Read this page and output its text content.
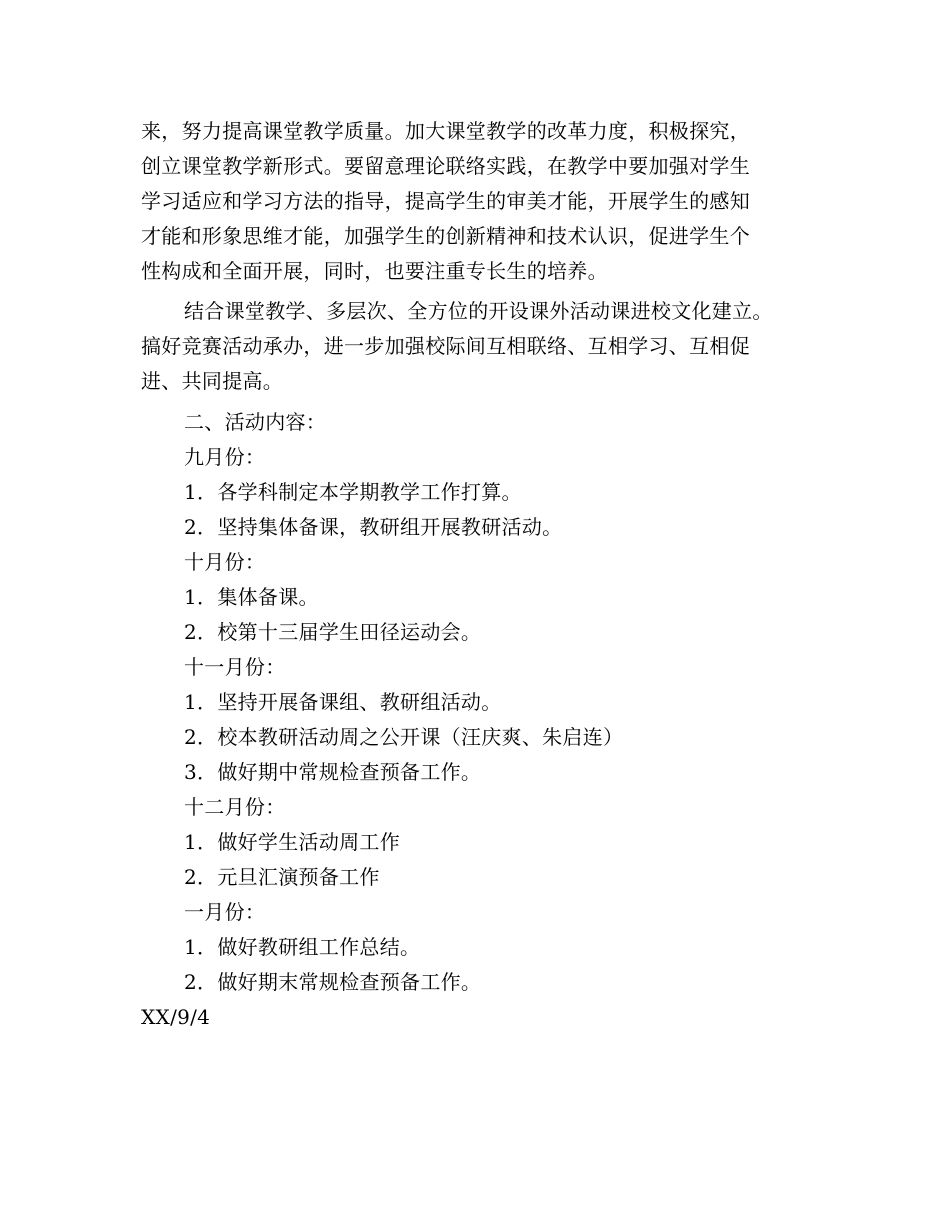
来，努力提高课堂教学质量。加大课堂教学的改革力度，积极探究，
创立课堂教学新形式。要留意理论联络实践，在教学中要加强对学生
学习适应和学习方法的指导，提高学生的审美才能，开展学生的感知
才能和形象思维才能，加强学生的创新精神和技术认识，促进学生个
性构成和全面开展，同时，也要注重专长生的培养。
结合课堂教学、多层次、全方位的开设课外活动课进校文化建立。
搞好竞赛活动承办，进一步加强校际间互相联络、互相学习、互相促
进、共同提高。
二、活动内容：
九月份：
1．各学科制定本学期教学工作打算。
2．坚持集体备课，教研组开展教研活动。
十月份：
1．集体备课。
2．校第十三届学生田径运动会。
十一月份：
1．坚持开展备课组、教研组活动。
2．校本教研活动周之公开课（汪庆爽、朱启连）
3．做好期中常规检查预备工作。
十二月份：
1．做好学生活动周工作
2．元旦汇演预备工作
一月份：
1．做好教研组工作总结。
2．做好期末常规检查预备工作。
XX/9/4
